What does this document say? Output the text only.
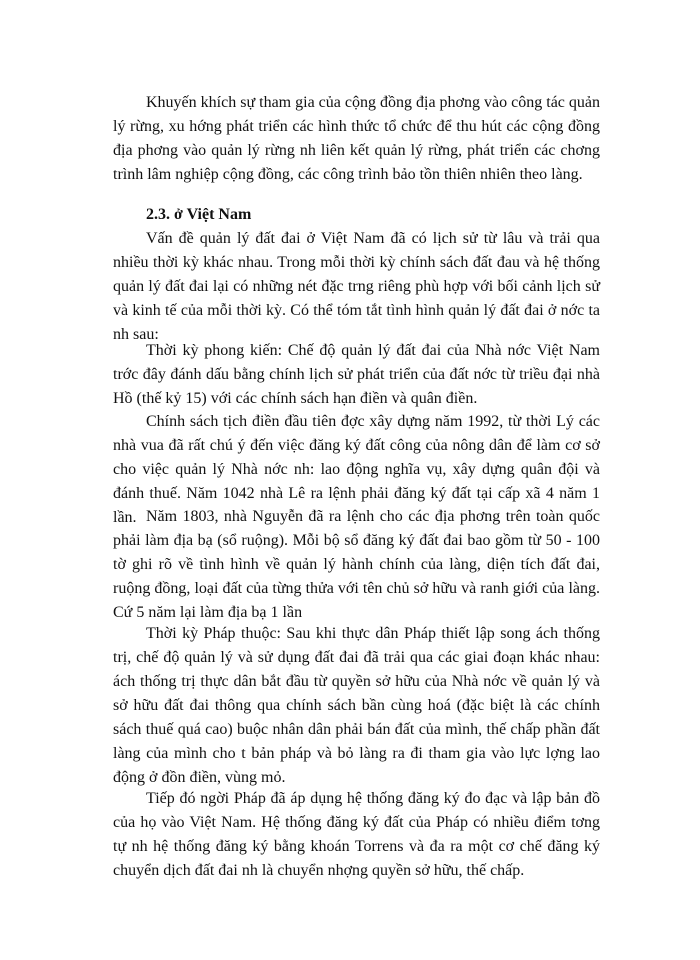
Khuyến khích sự tham gia của cộng đồng địa phơng vào công tác quản lý rừng, xu hớng phát triển các hình thức tổ chức để thu hút các cộng đồng địa phơng vào quản lý rừng nh liên kết quản lý rừng, phát triển các chơng trình lâm nghiệp cộng đồng, các công trình bảo tồn thiên nhiên theo làng.

2.3. ở Việt Nam

Vấn đề quản lý đất đai ở Việt Nam đã có lịch sử từ lâu và trải qua nhiều thời kỳ khác nhau. Trong mỗi thời kỳ chính sách đất đau và hệ thống quản lý đất đai lại có những nét đặc trng riêng phù hợp với bối cảnh lịch sử và kinh tế của mỗi thời kỳ. Có thể tóm tắt tình hình quản lý đất đai ở nớc ta nh sau:

Thời kỳ phong kiến: Chế độ quản lý đất đai của Nhà nớc Việt Nam trớc đây đánh dấu bằng chính lịch sử phát triển của đất nớc từ triều đại nhà Hồ (thế kỷ 15) với các chính sách hạn điền và quân điền.

Chính sách tịch điền đầu tiên đợc xây dựng năm 1992, từ thời Lý các nhà vua đã rất chú ý đến việc đăng ký đất công của nông dân để làm cơ sở cho việc quản lý Nhà nớc nh: lao động nghĩa vụ, xây dựng quân đội và đánh thuế. Năm 1042 nhà Lê ra lệnh phải đăng ký đất tại cấp xã 4 năm 1 lần. Năm 1803, nhà Nguyễn đã ra lệnh cho các địa phơng trên toàn quốc phải làm địa bạ (sổ ruộng). Mỗi bộ sổ đăng ký đất đai bao gồm từ 50 - 100 tờ ghi rõ về tình hình về quản lý hành chính của làng, diện tích đất đai, ruộng đồng, loại đất của từng thửa với tên chủ sở hữu và ranh giới của làng. Cứ 5 năm lại làm địa bạ 1 lần

Thời kỳ Pháp thuộc: Sau khi thực dân Pháp thiết lập song ách thống trị, chế độ quản lý và sử dụng đất đai đã trải qua các giai đoạn khác nhau: ách thống trị thực dân bắt đầu từ quyền sở hữu của Nhà nớc về quản lý và sở hữu đất đai thông qua chính sách bần cùng hoá (đặc biệt là các chính sách thuế quá cao) buộc nhân dân phải bán đất của mình, thế chấp phần đất làng của mình cho t bản pháp và bỏ làng ra đi tham gia vào lực lợng lao động ở đồn điền, vùng mỏ.

Tiếp đó ngời Pháp đã áp dụng hệ thống đăng ký đo đạc và lập bản đồ của họ vào Việt Nam. Hệ thống đăng ký đất của Pháp có nhiều điểm tơng tự nh hệ thống đăng ký bằng khoán Torrens và đa ra một cơ chế đăng ký chuyển dịch đất đai nh là chuyển nhợng quyền sở hữu, thế chấp.
